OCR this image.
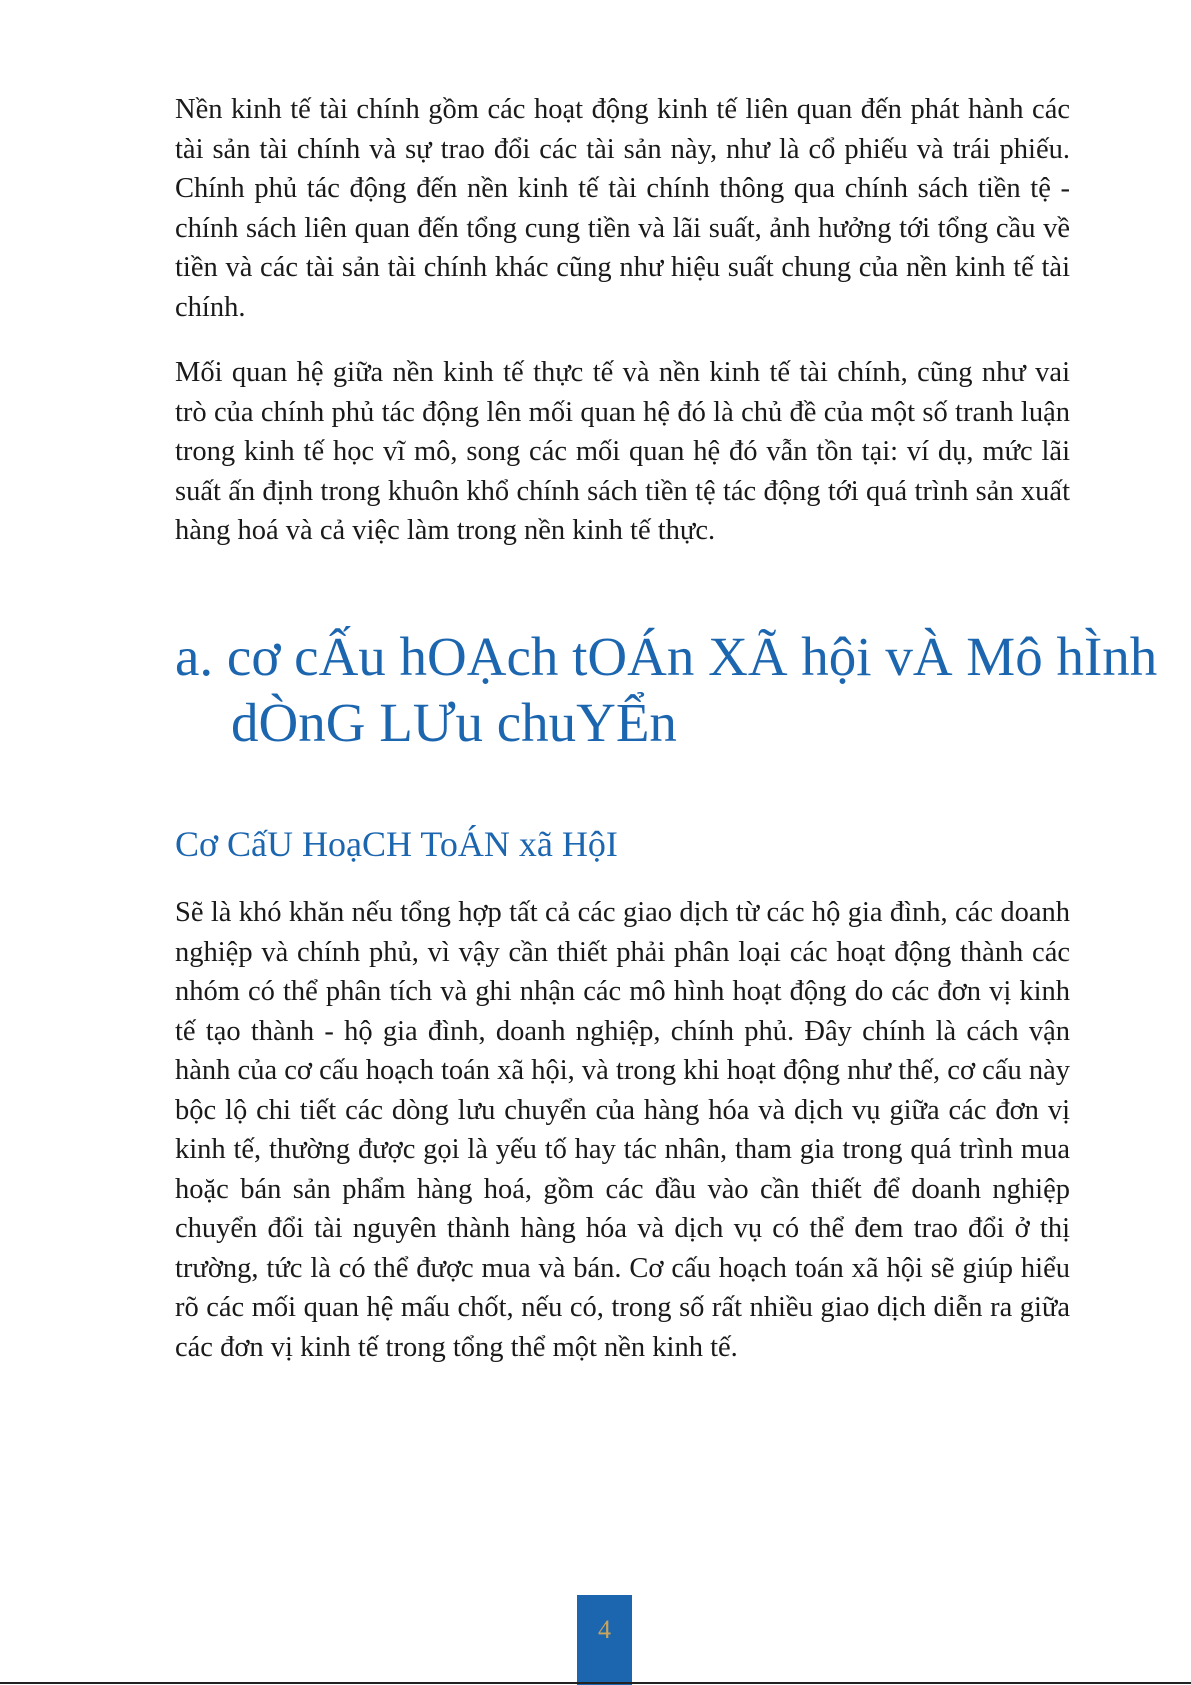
Nền kinh tế tài chính gồm các hoạt động kinh tế liên quan đến phát hành các tài sản tài chính và sự trao đổi các tài sản này, như là cổ phiếu và trái phiếu. Chính phủ tác động đến nền kinh tế tài chính thông qua chính sách tiền tệ - chính sách liên quan đến tổng cung tiền và lãi suất, ảnh hưởng tới tổng cầu về tiền và các tài sản tài chính khác cũng như hiệu suất chung của nền kinh tế tài chính.

Mối quan hệ giữa nền kinh tế thực tế và nền kinh tế tài chính, cũng như vai trò của chính phủ tác động lên mối quan hệ đó là chủ đề của một số tranh luận trong kinh tế học vĩ mô, song các mối quan hệ đó vẫn tồn tại: ví dụ, mức lãi suất ấn định trong khuôn khổ chính sách tiền tệ tác động tới quá trình sản xuất hàng hoá và cả việc làm trong nền kinh tế thực.

a. cơ cẤu hOẠch tOÁn XÃ hội vÀ Mô hÌnh
dÒnG LƯu chuYỂn
Cơ CấU HoạCH ToÁN xã HộI

Sẽ là khó khăn nếu tổng hợp tất cả các giao dịch từ các hộ gia đình, các doanh nghiệp và chính phủ, vì vậy cần thiết phải phân loại các hoạt động thành các nhóm có thể phân tích và ghi nhận các mô hình hoạt động do các đơn vị kinh tế tạo thành - hộ gia đình, doanh nghiệp, chính phủ. Đây chính là cách vận hành của cơ cấu hoạch toán xã hội, và trong khi hoạt động như thế, cơ cấu này bộc lộ chi tiết các dòng lưu chuyển của hàng hóa và dịch vụ giữa các đơn vị kinh tế, thường được gọi là yếu tố hay tác nhân, tham gia trong quá trình mua hoặc bán sản phẩm hàng hoá, gồm các đầu vào cần thiết để doanh nghiệp chuyển đổi tài nguyên thành hàng hóa và dịch vụ có thể đem trao đổi ở thị trường, tức là có thể được mua và bán. Cơ cấu hoạch toán xã hội sẽ giúp hiểu rõ các mối quan hệ mấu chốt, nếu có, trong số rất nhiều giao dịch diễn ra giữa các đơn vị kinh tế trong tổng thể một nền kinh tế.

4
